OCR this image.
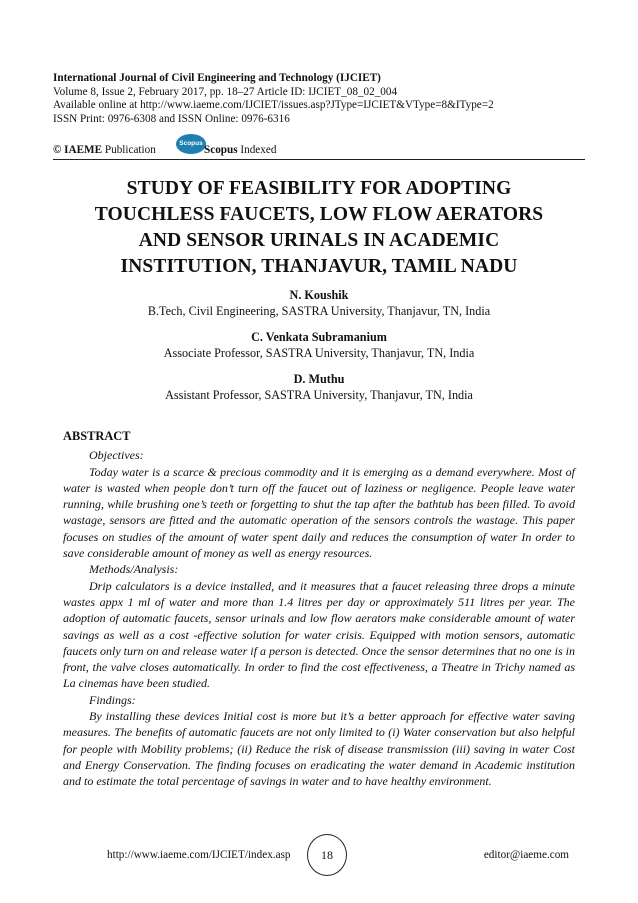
International Journal of Civil Engineering and Technology (IJCIET)
Volume 8, Issue 2, February 2017, pp. 18–27 Article ID: IJCIET_08_02_004
Available online at http://www.iaeme.com/IJCIET/issues.asp?JType=IJCIET&VType=8&IType=2
ISSN Print: 0976-6308 and ISSN Online: 0976-6316
© IAEME Publication
Scopus
Scopus Indexed
STUDY OF FEASIBILITY FOR ADOPTING
TOUCHLESS FAUCETS, LOW FLOW AERATORS
AND SENSOR URINALS IN ACADEMIC
INSTITUTION, THANJAVUR, TAMIL NADU
N. Koushik
B.Tech, Civil Engineering, SASTRA University, Thanjavur, TN, India
C. Venkata Subramanium
Associate Professor, SASTRA University, Thanjavur, TN, India
D. Muthu
Assistant Professor, SASTRA University, Thanjavur, TN, India
ABSTRACT

Objectives:

Today water is a scarce & precious commodity and it is emerging as a demand everywhere. Most of water is wasted when people don’t turn off the faucet out of laziness or negligence. People leave water running, while brushing one’s teeth or forgetting to shut the tap after the bathtub has been filled. To avoid wastage, sensors are fitted and the automatic operation of the sensors controls the wastage. This paper focuses on studies of the amount of water spent daily and reduces the consumption of water In order to save considerable amount of money as well as energy resources.

Methods/Analysis:

Drip calculators is a device installed, and it measures that a faucet releasing three drops a minute wastes appx 1 ml of water and more than 1.4 litres per day or approximately 511 litres per year. The adoption of automatic faucets, sensor urinals and low flow aerators make considerable amount of water savings as well as a cost -effective solution for water crisis. Equipped with motion sensors, automatic faucets only turn on and release water if a person is detected. Once the sensor determines that no one is in front, the valve closes automatically. In order to find the cost effectiveness, a Theatre in Trichy named as La cinemas have been studied.

Findings:

By installing these devices Initial cost is more but it’s a better approach for effective water saving measures. The benefits of automatic faucets are not only limited to (i) Water conservation but also helpful for people with Mobility problems; (ii) Reduce the risk of disease transmission (iii) saving in water Cost and Energy Conservation. The finding focuses on eradicating the water demand in Academic institution and to estimate the total percentage of savings in water and to have healthy environment.

http://www.iaeme.com/IJCIET/index.asp	18	editor@iaeme.com
